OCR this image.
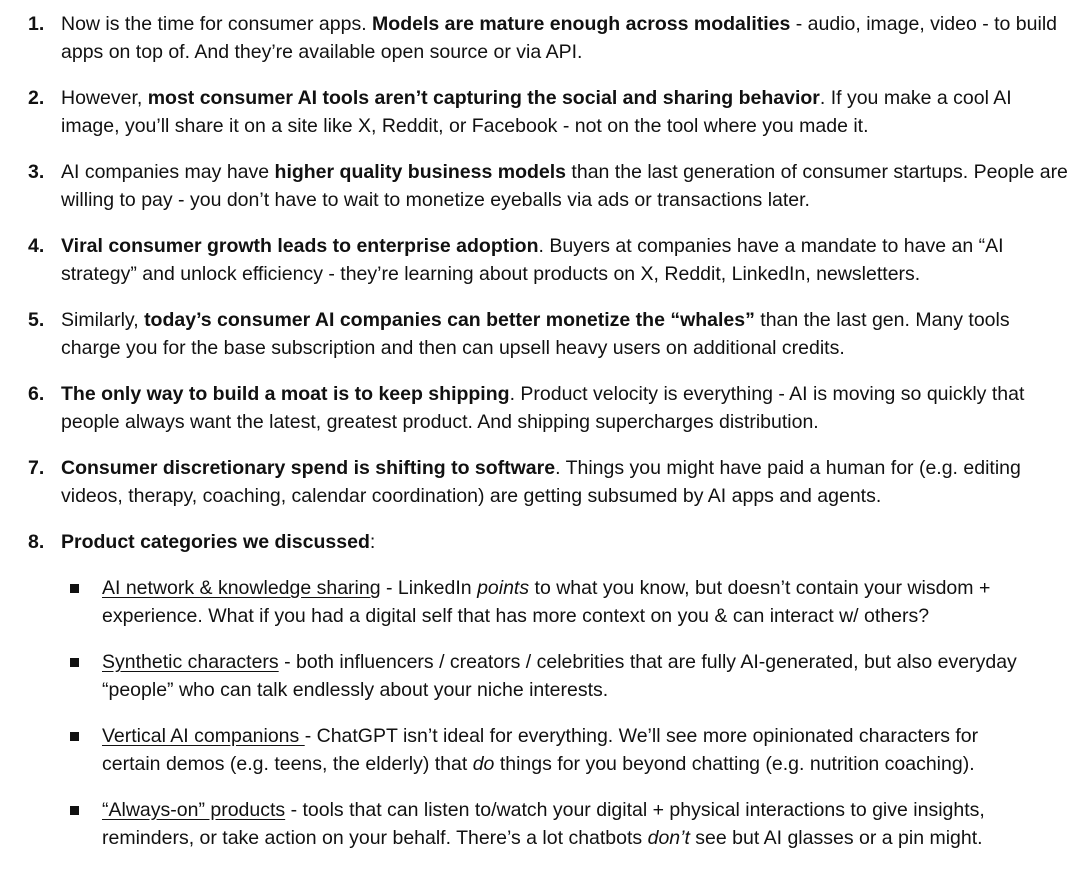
1. Now is the time for consumer apps. Models are mature enough across modalities - audio, image, video - to build apps on top of. And they’re available open source or via API.

2. However, most consumer AI tools aren’t capturing the social and sharing behavior. If you make a cool AI image, you’ll share it on a site like X, Reddit, or Facebook - not on the tool where you made it.

3. AI companies may have higher quality business models than the last generation of consumer startups. People are willing to pay - you don’t have to wait to monetize eyeballs via ads or transactions later.

4. Viral consumer growth leads to enterprise adoption. Buyers at companies have a mandate to have an “AI strategy” and unlock efficiency - they’re learning about products on X, Reddit, LinkedIn, newsletters.

5. Similarly, today’s consumer AI companies can better monetize the “whales” than the last gen. Many tools charge you for the base subscription and then can upsell heavy users on additional credits.

6. The only way to build a moat is to keep shipping. Product velocity is everything - AI is moving so quickly that people always want the latest, greatest product. And shipping supercharges distribution.

7. Consumer discretionary spend is shifting to software. Things you might have paid a human for (e.g. editing videos, therapy, coaching, calendar coordination) are getting subsumed by AI apps and agents.

8. Product categories we discussed:

AI network & knowledge sharing - LinkedIn points to what you know, but doesn’t contain your wisdom + experience. What if you had a digital self that has more context on you & can interact w/ others?

Synthetic characters - both influencers / creators / celebrities that are fully AI-generated, but also everyday “people” who can talk endlessly about your niche interests.

Vertical AI companions - ChatGPT isn’t ideal for everything. We’ll see more opinionated characters for certain demos (e.g. teens, the elderly) that do things for you beyond chatting (e.g. nutrition coaching).

“Always-on” products - tools that can listen to/watch your digital + physical interactions to give insights, reminders, or take action on your behalf. There’s a lot chatbots don’t see but AI glasses or a pin might.
